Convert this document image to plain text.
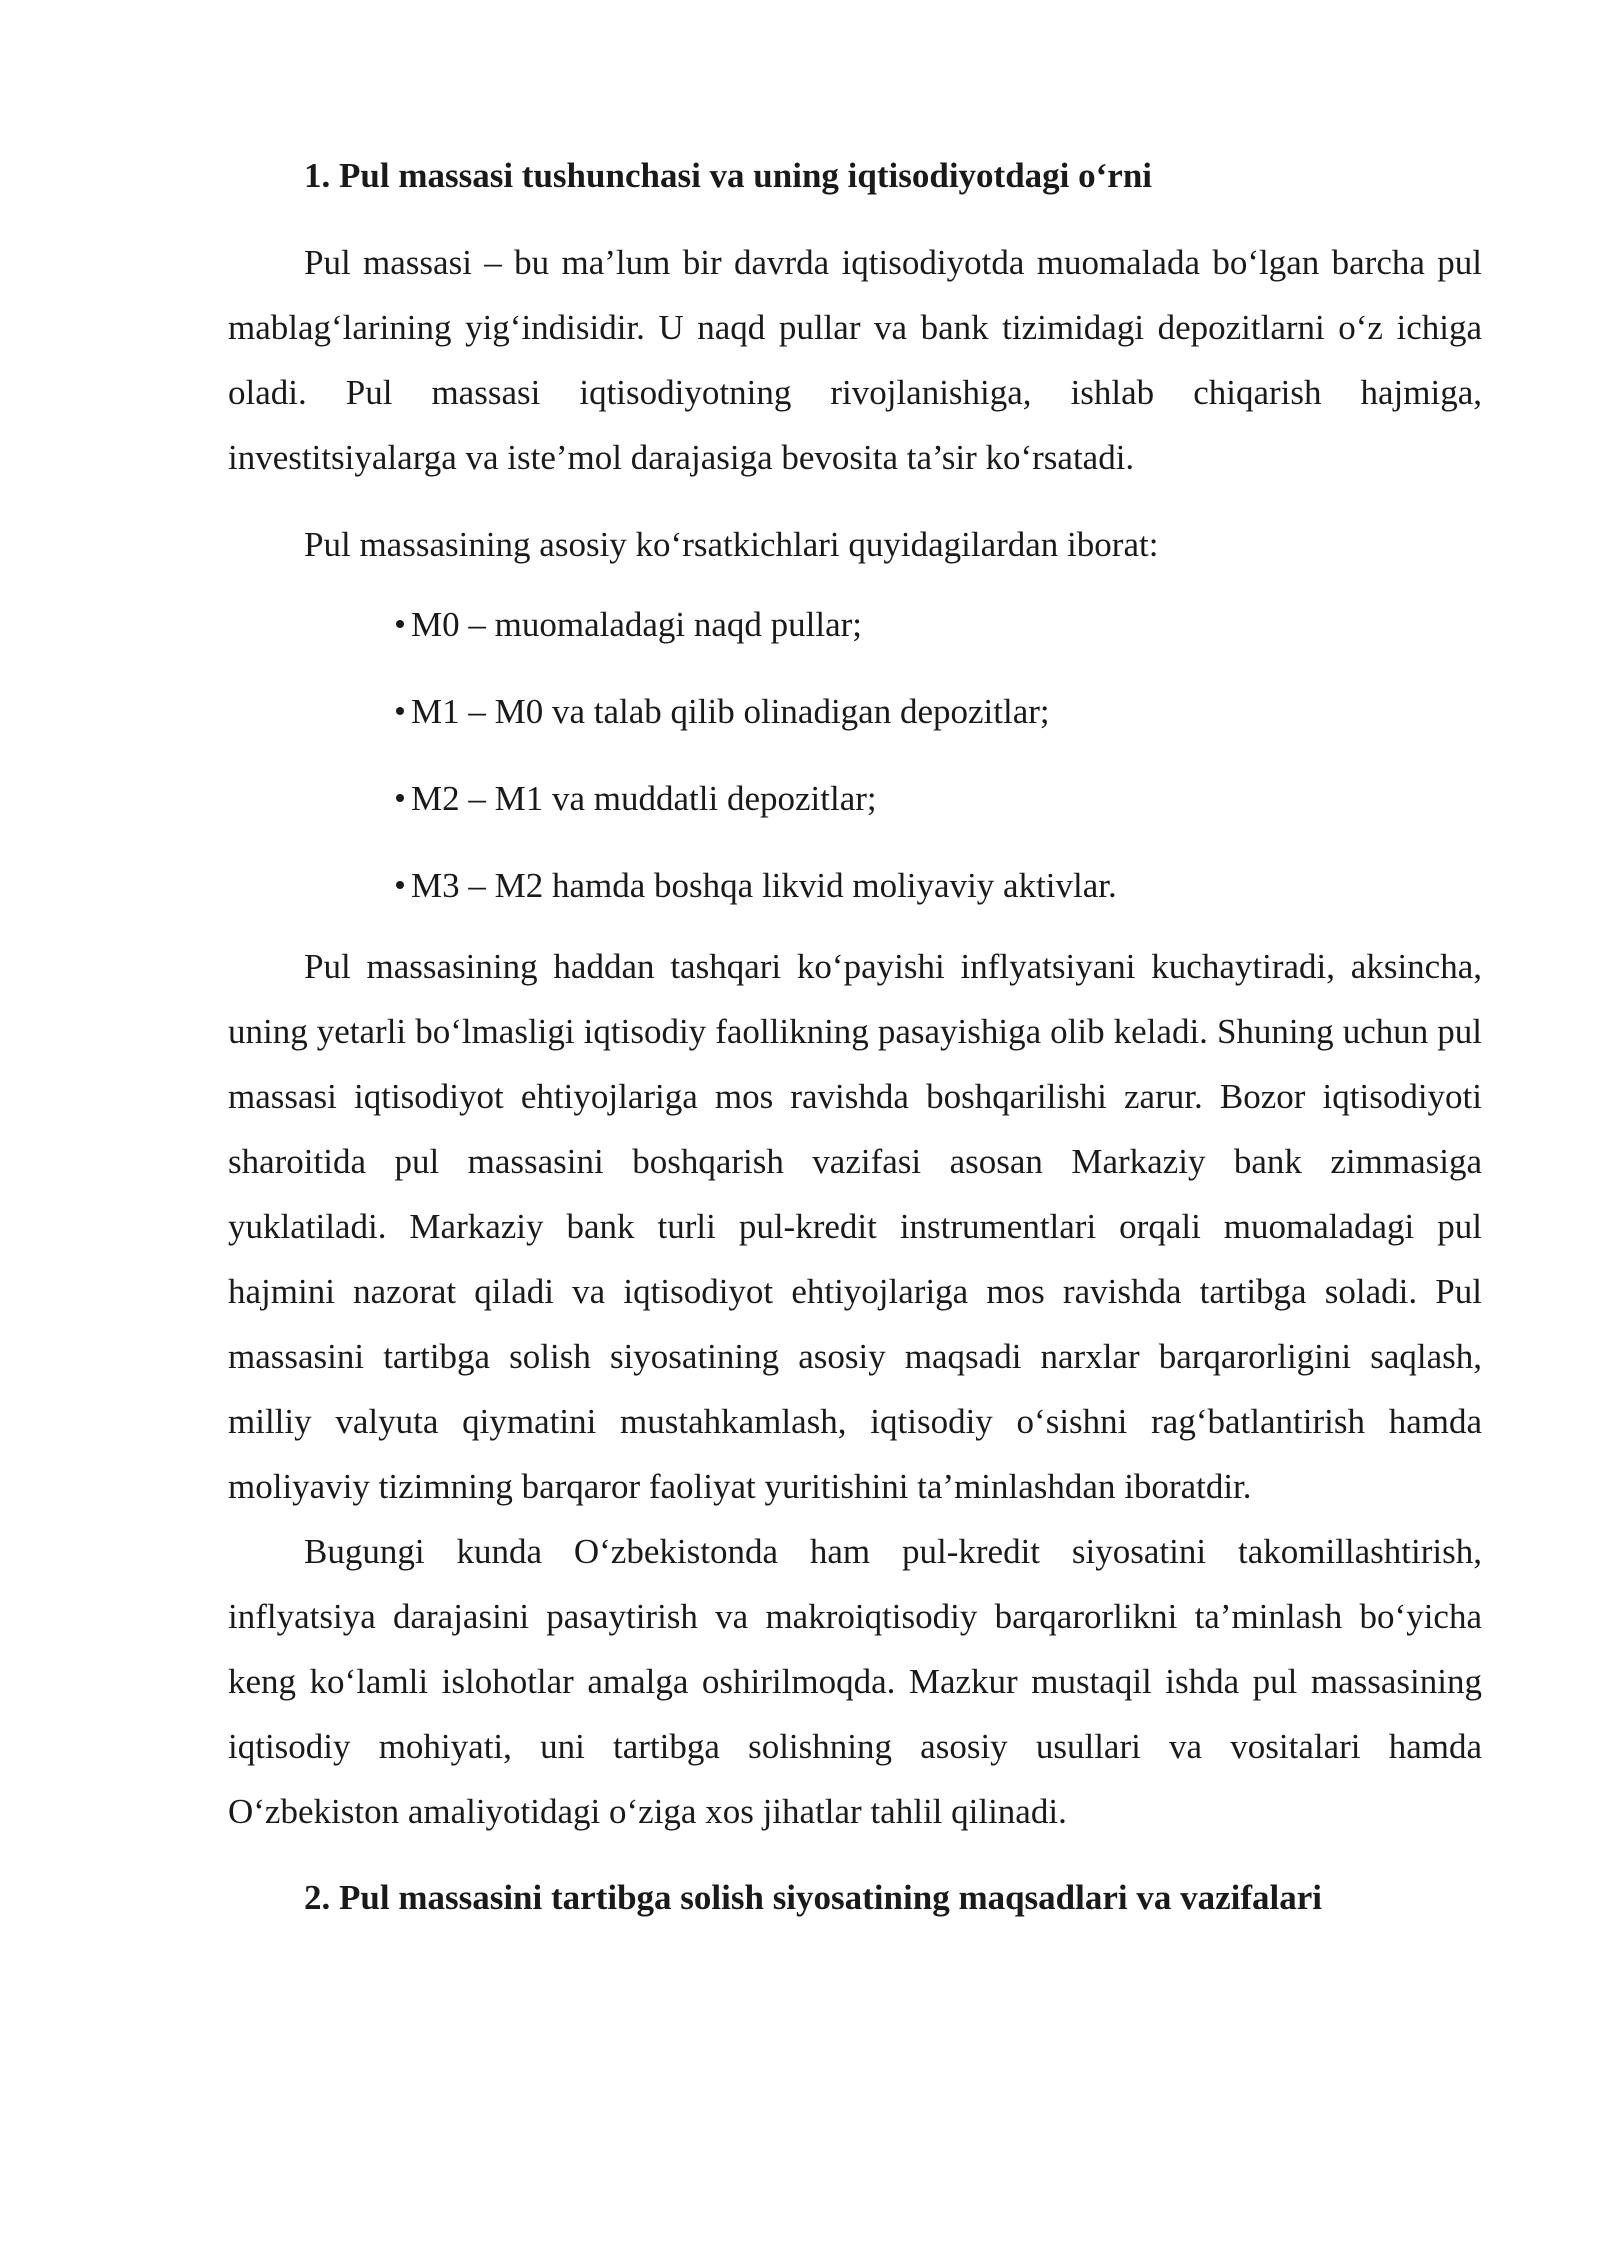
1. Pul massasi tushunchasi va uning iqtisodiyotdagi o‘rni

Pul massasi – bu ma’lum bir davrda iqtisodiyotda muomalada bo‘lgan barcha pul mablag‘larining yig‘indisidir. U naqd pullar va bank tizimidagi depozitlarni o‘z ichiga oladi. Pul massasi iqtisodiyotning rivojlanishiga, ishlab chiqarish hajmiga, investitsiyalarga va iste’mol darajasiga bevosita ta’sir ko‘rsatadi.

Pul massasining asosiy ko‘rsatkichlari quyidagilardan iborat:

M0 – muomaladagi naqd pullar;
M1 – M0 va talab qilib olinadigan depozitlar;
M2 – M1 va muddatli depozitlar;
M3 – M2 hamda boshqa likvid moliyaviy aktivlar.

Pul massasining haddan tashqari ko‘payishi inflyatsiyani kuchaytiradi, aksincha, uning yetarli bo‘lmasligi iqtisodiy faollikning pasayishiga olib keladi. Shuning uchun pul massasi iqtisodiyot ehtiyojlariga mos ravishda boshqarilishi zarur. Bozor iqtisodiyoti sharoitida pul massasini boshqarish vazifasi asosan Markaziy bank zimmasiga yuklatiladi. Markaziy bank turli pul-kredit instrumentlari orqali muomaladagi pul hajmini nazorat qiladi va iqtisodiyot ehtiyojlariga mos ravishda tartibga soladi. Pul massasini tartibga solish siyosatining asosiy maqsadi narxlar barqarorligini saqlash, milliy valyuta qiymatini mustahkamlash, iqtisodiy o‘sishni rag‘batlantirish hamda moliyaviy tizimning barqaror faoliyat yuritishini ta’minlashdan iboratdir.

Bugungi kunda O‘zbekistonda ham pul-kredit siyosatini takomillashtirish, inflyatsiya darajasini pasaytirish va makroiqtisodiy barqarorlikni ta’minlash bo‘yicha keng ko‘lamli islohotlar amalga oshirilmoqda. Mazkur mustaqil ishda pul massasining iqtisodiy mohiyati, uni tartibga solishning asosiy usullari va vositalari hamda O‘zbekiston amaliyotidagi o‘ziga xos jihatlar tahlil qilinadi.

2. Pul massasini tartibga solish siyosatining maqsadlari va vazifalari
